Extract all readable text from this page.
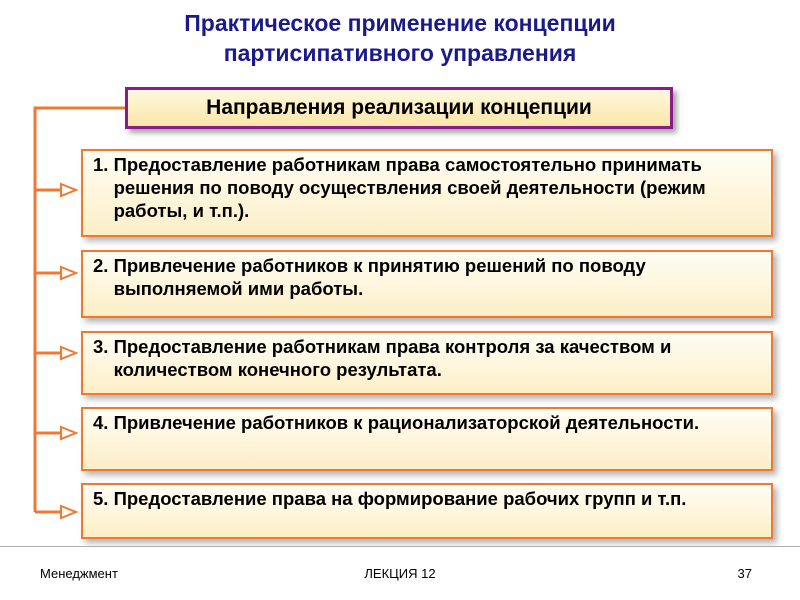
Практическое применение концепции
партисипативного управления
Направления реализации концепции
1. Предоставление работникам права самостоятельно принимать решения по поводу осуществления своей деятельности (режим работы, и т.п.).
2. Привлечение работников к принятию решений по поводу выполняемой ими работы.
3. Предоставление работникам права контроля за качеством и количеством конечного результата.
4. Привлечение работников к рационализаторской деятельности.
5. Предоставление права на формирование рабочих групп и т.п.
Менеджмент	ЛЕКЦИЯ 12	37
